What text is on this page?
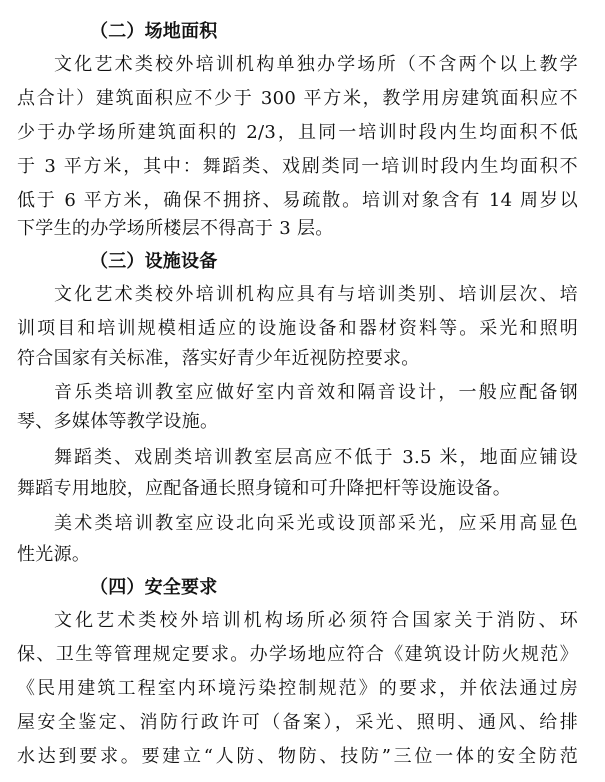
（二）场地面积
文化艺术类校外培训机构单独办学场所（不含两个以上教学
点合计）建筑面积应不少于 300 平方米，教学用房建筑面积应不
少于办学场所建筑面积的 2/3，且同一培训时段内生均面积不低
于 3 平方米，其中：舞蹈类、戏剧类同一培训时段内生均面积不
低于 6 平方米，确保不拥挤、易疏散。培训对象含有 14 周岁以
下学生的办学场所楼层不得高于 3 层。
（三）设施设备
文化艺术类校外培训机构应具有与培训类别、培训层次、培
训项目和培训规模相适应的设施设备和器材资料等。采光和照明
符合国家有关标准，落实好青少年近视防控要求。
音乐类培训教室应做好室内音效和隔音设计，一般应配备钢
琴、多媒体等教学设施。
舞蹈类、戏剧类培训教室层高应不低于 3.5 米，地面应铺设
舞蹈专用地胶，应配备通长照身镜和可升降把杆等设施设备。
美术类培训教室应设北向采光或设顶部采光，应采用高显色
性光源。
（四）安全要求
文化艺术类校外培训机构场所必须符合国家关于消防、环
保、卫生等管理规定要求。办学场地应符合《建筑设计防火规范》
《民用建筑工程室内环境污染控制规范》的要求，并依法通过房
屋安全鉴定、消防行政许可（备案），采光、照明、通风、给排
水达到要求。要建立“人防、物防、技防”三位一体的安全防范
